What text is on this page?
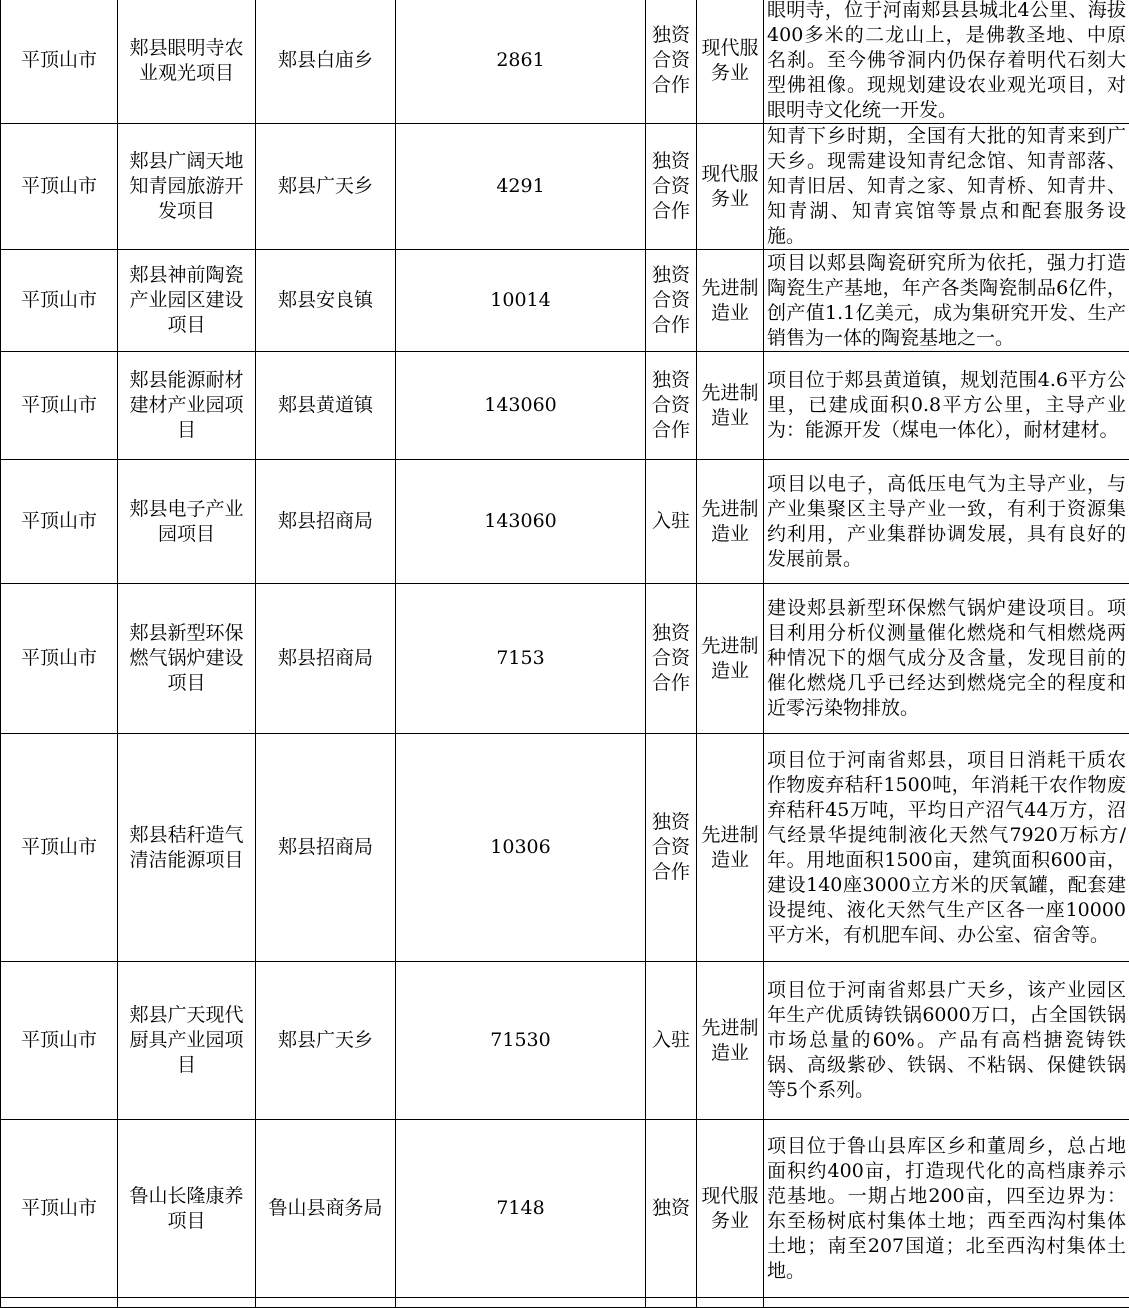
平顶山市	郏县眼明寺农业观光项目	郏县白庙乡	2861	独资合资合作	现代服务业	眼明寺，位于河南郏县县城北4公里、海拔400多米的二龙山上，是佛教圣地、中原名刹。至今佛爷洞内仍保存着明代石刻大型佛祖像。现规划建设农业观光项目，对眼明寺文化统一开发。
平顶山市	郏县广阔天地知青园旅游开发项目	郏县广天乡	4291	独资合资合作	现代服务业	知青下乡时期，全国有大批的知青来到广天乡。现需建设知青纪念馆、知青部落、知青旧居、知青之家、知青桥、知青井、知青湖、知青宾馆等景点和配套服务设施。
平顶山市	郏县神前陶瓷产业园区建设项目	郏县安良镇	10014	独资合资合作	先进制造业	项目以郏县陶瓷研究所为依托，强力打造陶瓷生产基地，年产各类陶瓷制品6亿件，创产值1.1亿美元，成为集研究开发、生产销售为一体的陶瓷基地之一。
平顶山市	郏县能源耐材建材产业园项目	郏县黄道镇	143060	独资合资合作	先进制造业	项目位于郏县黄道镇，规划范围4.6平方公里，已建成面积0.8平方公里，主导产业为：能源开发（煤电一体化），耐材建材。
平顶山市	郏县电子产业园项目	郏县招商局	143060	入驻	先进制造业	项目以电子，高低压电气为主导产业，与产业集聚区主导产业一致，有利于资源集约利用，产业集群协调发展，具有良好的发展前景。
平顶山市	郏县新型环保燃气锅炉建设项目	郏县招商局	7153	独资合资合作	先进制造业	建设郏县新型环保燃气锅炉建设项目。项目利用分析仪测量催化燃烧和气相燃烧两种情况下的烟气成分及含量，发现目前的催化燃烧几乎已经达到燃烧完全的程度和近零污染物排放。
平顶山市	郏县秸秆造气清洁能源项目	郏县招商局	10306	独资合资合作	先进制造业	项目位于河南省郏县，项目日消耗干质农作物废弃秸秆1500吨，年消耗干农作物废弃秸秆45万吨，平均日产沼气44万方，沼气经景华提纯制液化天然气7920万标方/年。用地面积1500亩，建筑面积600亩，建设140座3000立方米的厌氧罐，配套建设提纯、液化天然气生产区各一座10000平方米，有机肥车间、办公室、宿舍等。
平顶山市	郏县广天现代厨具产业园项目	郏县广天乡	71530	入驻	先进制造业	项目位于河南省郏县广天乡，该产业园区年生产优质铸铁锅6000万口，占全国铁锅市场总量的60%。产品有高档搪瓷铸铁锅、高级紫砂、铁锅、不粘锅、保健铁锅等5个系列。
平顶山市	鲁山长隆康养项目	鲁山县商务局	7148	独资	现代服务业	项目位于鲁山县库区乡和董周乡，总占地面积约400亩，打造现代化的高档康养示范基地。一期占地200亩，四至边界为：东至杨树底村集体土地；西至西沟村集体土地；南至207国道；北至西沟村集体土地。
